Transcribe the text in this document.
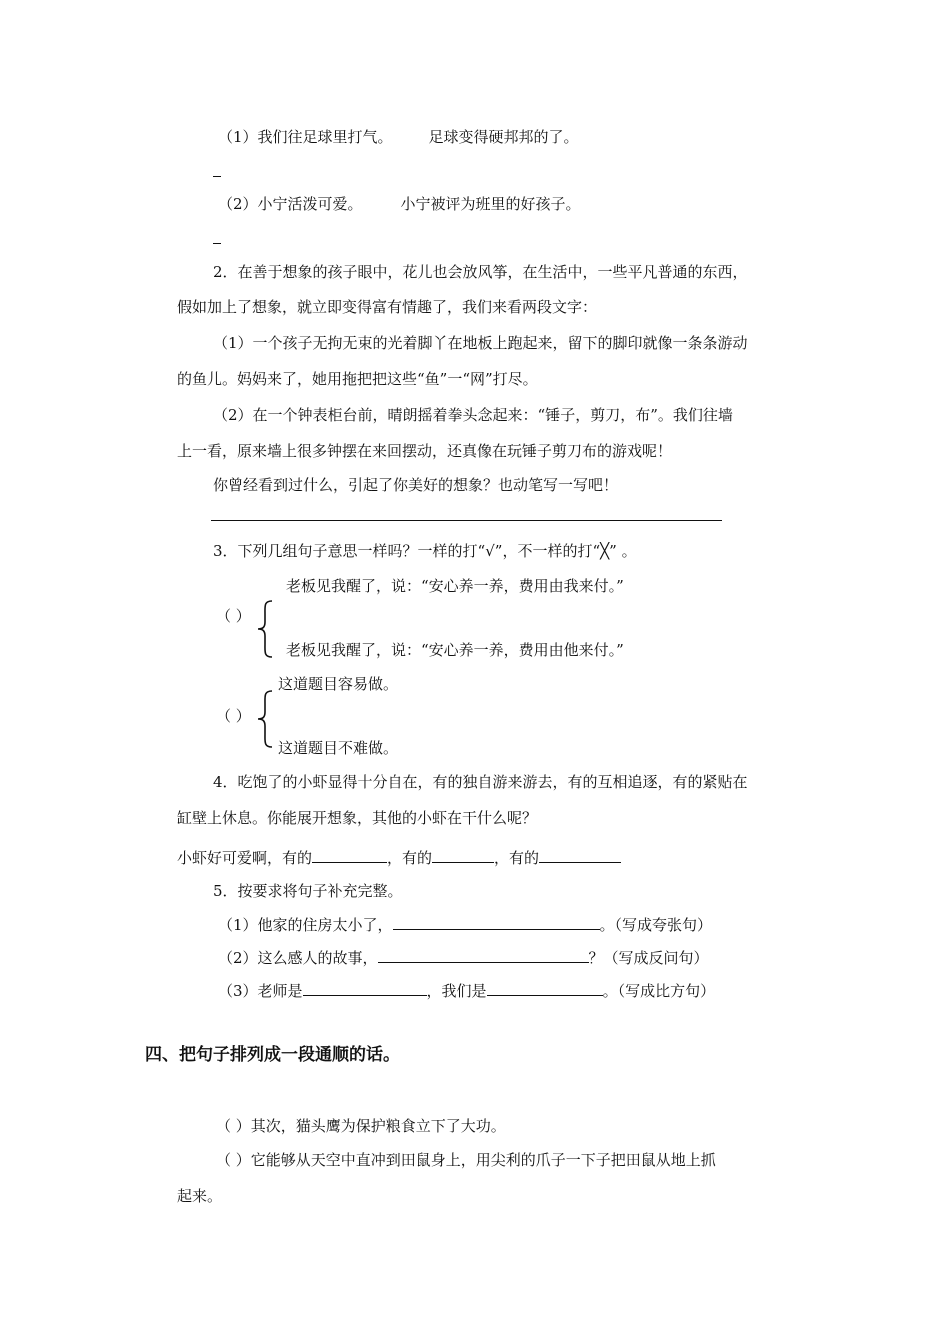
（1）我们往足球里打气。 足球变得硬邦邦的了。
（2）小宁活泼可爱。	小宁被评为班里的好孩子。
2．在善于想象的孩子眼中，花儿也会放风筝，在生活中，一些平凡普通的东西，
假如加上了想象，就立即变得富有情趣了，我们来看两段文字：
（1）一个孩子无拘无束的光着脚丫在地板上跑起来，留下的脚印就像一条条游动
的鱼儿。妈妈来了，她用拖把把这些“鱼”一“网”打尽。
（2）在一个钟表柜台前，晴朗摇着拳头念起来：“锤子，剪刀，布”。我们往墙
上一看，原来墙上很多钟摆在来回摆动，还真像在玩锤子剪刀布的游戏呢！
你曾经看到过什么，引起了你美好的想象？也动笔写一写吧！
3．下列几组句子意思一样吗？一样的打“√”，不一样的打“╳” 。
老板见我醒了，说：“安心养一养，费用由我来付。”
（ ）
老板见我醒了，说：“安心养一养，费用由他来付。”
这道题目容易做。
（ ）
这道题目不难做。
4．吃饱了的小虾显得十分自在，有的独自游来游去，有的互相追逐，有的紧贴在
缸壁上休息。你能展开想象，其他的小虾在干什么呢？
小虾好可爱啊，有的	，有的	，有的
5．按要求将句子补充完整。
（1）他家的住房太小了，	。（写成夸张句）
（2）这么感人的故事，	？（写成反问句）
（3）老师是	，我们是	。（写成比方句）
四、把句子排列成一段通顺的话。
（ ）其次，猫头鹰为保护粮食立下了大功。
（ ）它能够从天空中直冲到田鼠身上，用尖利的爪子一下子把田鼠从地上抓
起来。
